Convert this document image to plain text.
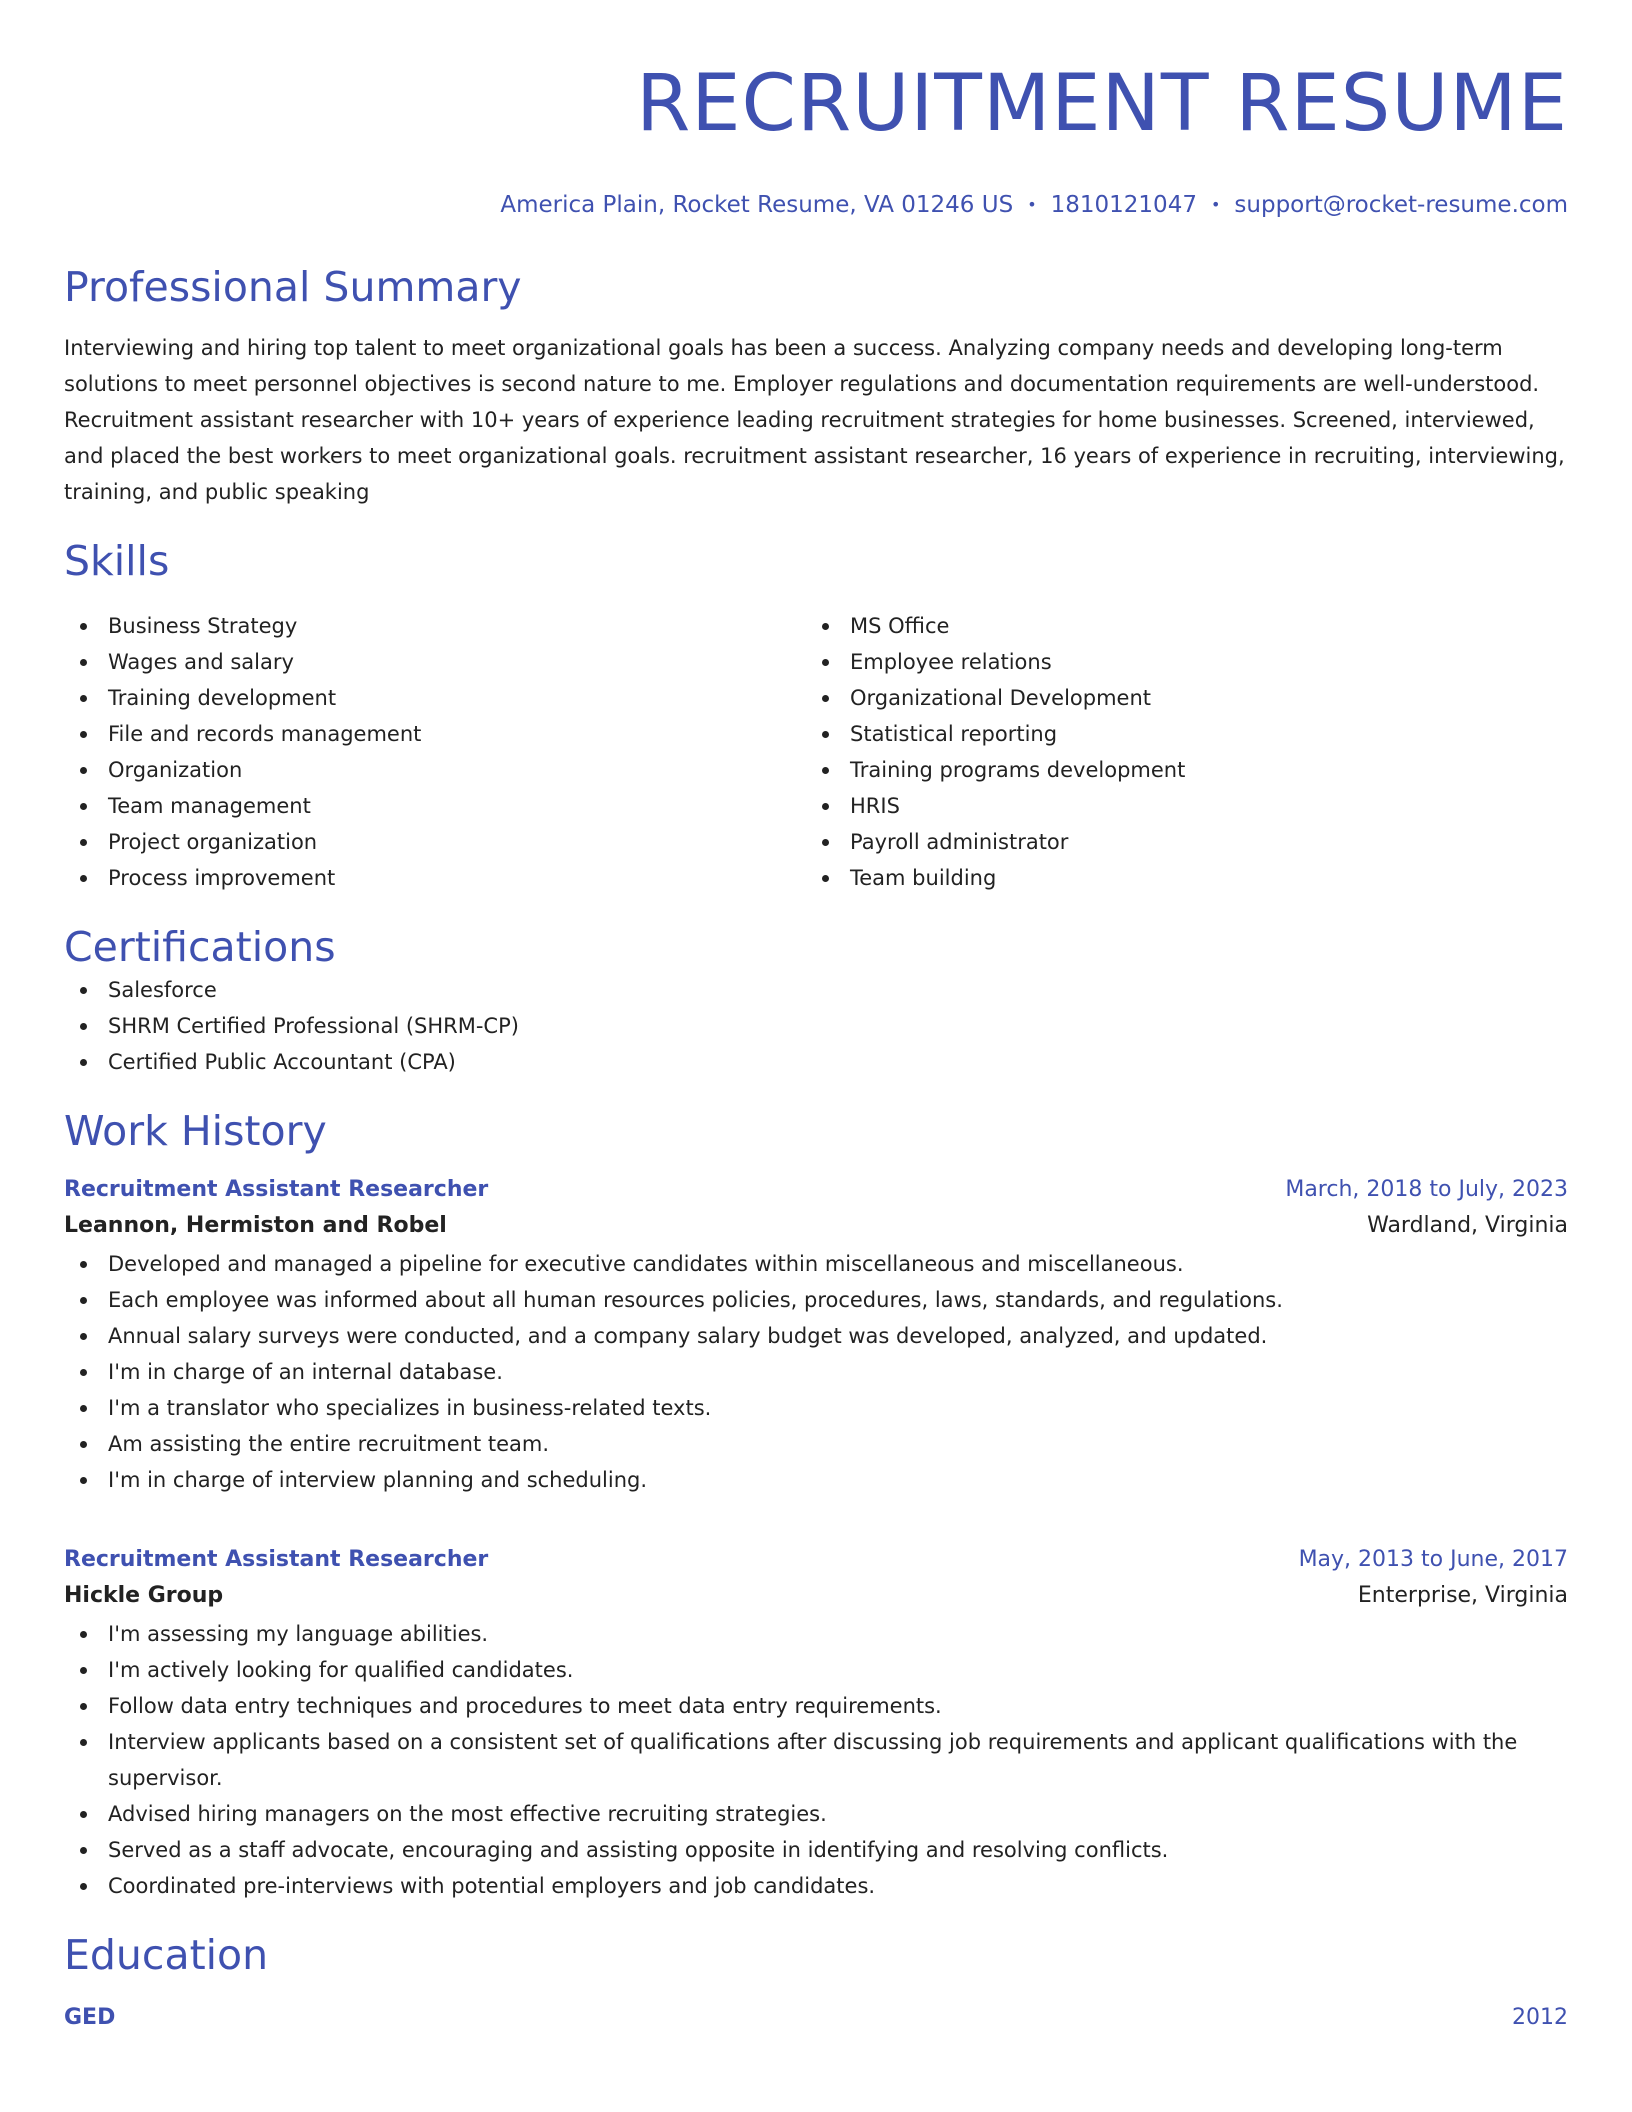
RECRUITMENT RESUME
America Plain, Rocket Resume, VA 01246 US • 1810121047 • support@rocket-resume.com
Professional Summary

Interviewing and hiring top talent to meet organizational goals has been a success. Analyzing company needs and developing long-term solutions to meet personnel objectives is second nature to me. Employer regulations and documentation requirements are well-understood. Recruitment assistant researcher with 10+ years of experience leading recruitment strategies for home businesses. Screened, interviewed, and placed the best workers to meet organizational goals. recruitment assistant researcher, 16 years of experience in recruiting, interviewing, training, and public speaking

Skills
Business Strategy
Wages and salary
Training development
File and records management
Organization
Team management
Project organization
Process improvement
MS Office
Employee relations
Organizational Development
Statistical reporting
Training programs development
HRIS
Payroll administrator
Team building
Certifications
Salesforce
SHRM Certified Professional (SHRM-CP)
Certified Public Accountant (CPA)
Work History
Recruitment Assistant Researcher	March, 2018 to July, 2023
Leannon, Hermiston and Robel	Wardland, Virginia
Developed and managed a pipeline for executive candidates within miscellaneous and miscellaneous.
Each employee was informed about all human resources policies, procedures, laws, standards, and regulations.
Annual salary surveys were conducted, and a company salary budget was developed, analyzed, and updated.
I'm in charge of an internal database.
I'm a translator who specializes in business-related texts.
Am assisting the entire recruitment team.
I'm in charge of interview planning and scheduling.
Recruitment Assistant Researcher	May, 2013 to June, 2017
Hickle Group	Enterprise, Virginia
I'm assessing my language abilities.
I'm actively looking for qualified candidates.
Follow data entry techniques and procedures to meet data entry requirements.
Interview applicants based on a consistent set of qualifications after discussing job requirements and applicant qualifications with the supervisor.
Advised hiring managers on the most effective recruiting strategies.
Served as a staff advocate, encouraging and assisting opposite in identifying and resolving conflicts.
Coordinated pre-interviews with potential employers and job candidates.
Education
GED	2012
